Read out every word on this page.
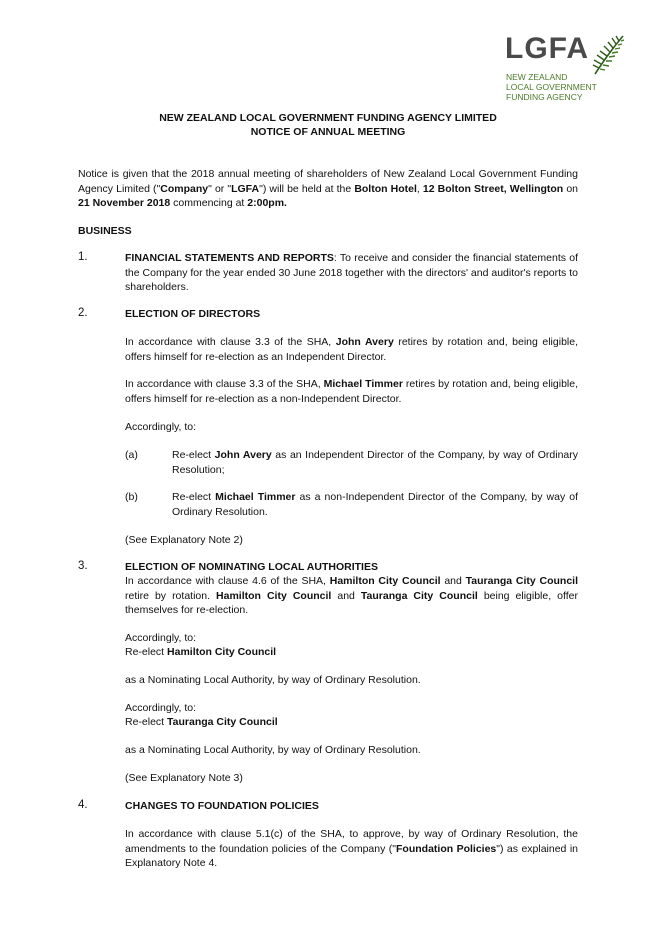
LGFA
NEW ZEALAND
LOCAL GOVERNMENT
FUNDING AGENCY
NEW ZEALAND LOCAL GOVERNMENT FUNDING AGENCY LIMITED
NOTICE OF ANNUAL MEETING
Notice is given that the 2018 annual meeting of shareholders of New Zealand Local Government Funding Agency Limited ("Company" or "LGFA") will be held at the Bolton Hotel, 12 Bolton Street, Wellington on 21 November 2018 commencing at 2:00pm.
BUSINESS
1.	FINANCIAL STATEMENTS AND REPORTS: To receive and consider the financial statements of the Company for the year ended 30 June 2018 together with the directors' and auditor's reports to shareholders.
2.	ELECTION OF DIRECTORS
In accordance with clause 3.3 of the SHA, John Avery retires by rotation and, being eligible, offers himself for re-election as an Independent Director.
In accordance with clause 3.3 of the SHA, Michael Timmer retires by rotation and, being eligible, offers himself for re-election as a non-Independent Director.
Accordingly, to:
(a)	Re-elect John Avery as an Independent Director of the Company, by way of Ordinary Resolution;
(b)	Re-elect Michael Timmer as a non-Independent Director of the Company, by way of Ordinary Resolution.
(See Explanatory Note 2)
3.	ELECTION OF NOMINATING LOCAL AUTHORITIES
In accordance with clause 4.6 of the SHA, Hamilton City Council and Tauranga City Council retire by rotation. Hamilton City Council and Tauranga City Council being eligible, offer themselves for re-election.
Accordingly, to:
Re-elect Hamilton City Council
as a Nominating Local Authority, by way of Ordinary Resolution.
Accordingly, to:
Re-elect Tauranga City Council
as a Nominating Local Authority, by way of Ordinary Resolution.
(See Explanatory Note 3)
4.	CHANGES TO FOUNDATION POLICIES
In accordance with clause 5.1(c) of the SHA, to approve, by way of Ordinary Resolution, the amendments to the foundation policies of the Company ("Foundation Policies") as explained in Explanatory Note 4.
